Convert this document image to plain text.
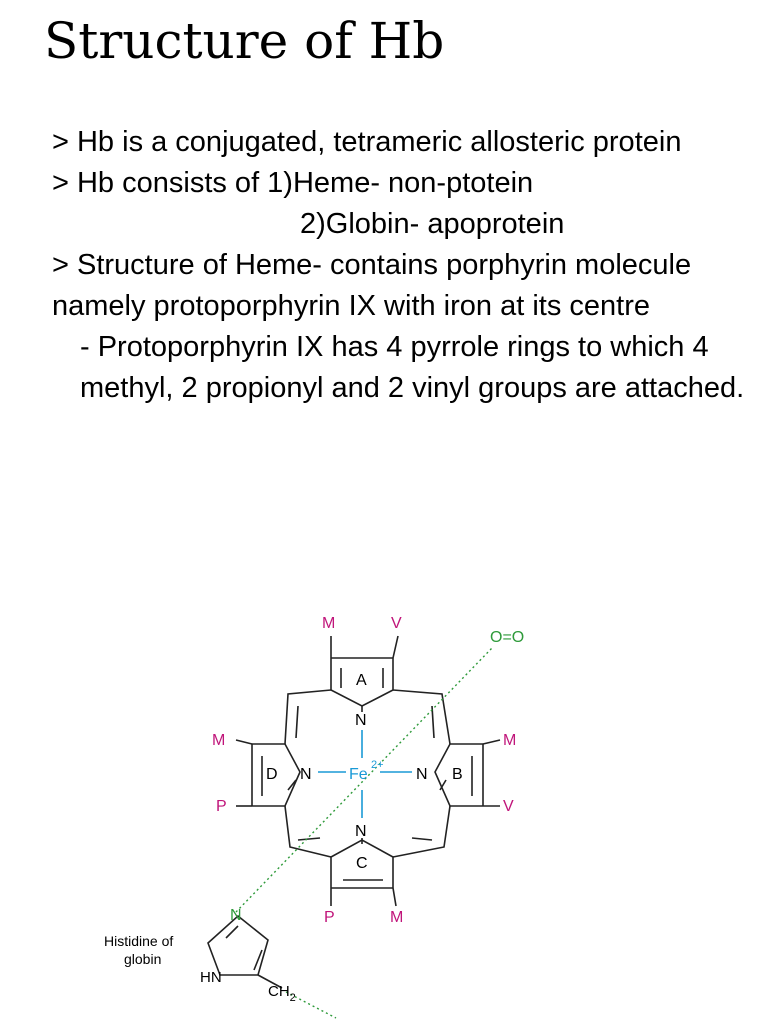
Structure of Hb

> Hb is a conjugated, tetrameric allosteric protein

> Hb consists of 1)Heme- non-ptotein

2)Globin- apoprotein

> Structure of Heme- contains porphyrin molecule namely protoporphyrin IX with iron at its centre

- Protoporphyrin IX has 4 pyrrole rings to which 4 methyl, 2 propionyl and 2 vinyl groups are attached.

A
B
C
D
N
N
N	N
Fe
2+
M	V
M
P
M
V
P	M
O=O
N
HN
$CH_2$
Histidine of
globin
